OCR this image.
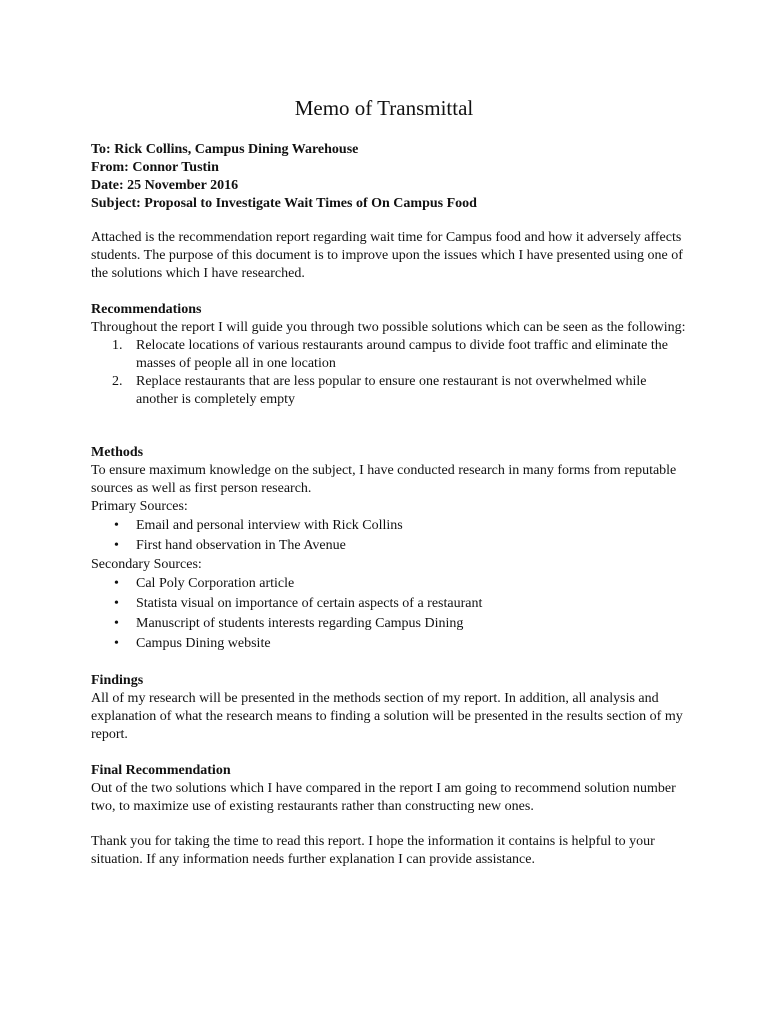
Memo of Transmittal

To: Rick Collins, Campus Dining Warehouse

From: Connor Tustin

Date: 25 November 2016

Subject: Proposal to Investigate Wait Times of On Campus Food

Attached is the recommendation report regarding wait time for Campus food and how it adversely affects students. The purpose of this document is to improve upon the issues which I have presented using one of the solutions which I have researched.

Recommendations

Throughout the report I will guide you through two possible solutions which can be seen as the following:

1. Relocate locations of various restaurants around campus to divide foot traffic and eliminate the masses of people all in one location
2. Replace restaurants that are less popular to ensure one restaurant is not overwhelmed while another is completely empty

Methods

To ensure maximum knowledge on the subject, I have conducted research in many forms from reputable sources as well as first person research.

Primary Sources:

• Email and personal interview with Rick Collins
• First hand observation in The Avenue

Secondary Sources:

• Cal Poly Corporation article
• Statista visual on importance of certain aspects of a restaurant
• Manuscript of students interests regarding Campus Dining
• Campus Dining website

Findings

All of my research will be presented in the methods section of my report. In addition, all analysis and explanation of what the research means to finding a solution will be presented in the results section of my report.

Final Recommendation

Out of the two solutions which I have compared in the report I am going to recommend solution number two, to maximize use of existing restaurants rather than constructing new ones.

Thank you for taking the time to read this report. I hope the information it contains is helpful to your situation. If any information needs further explanation I can provide assistance.
